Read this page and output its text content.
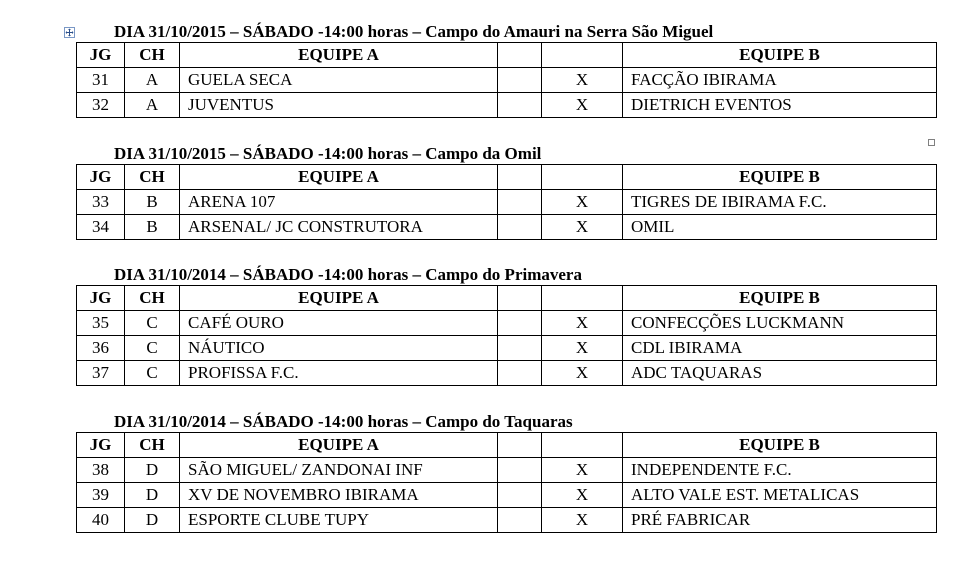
DIA 31/10/2015 – SÁBADO -14:00 horas – Campo do Amauri na Serra São Miguel
JG	CH	EQUIPE A			EQUIPE B
31	A	GUELA SECA		X	FACÇÃO IBIRAMA
32	A	JUVENTUS		X	DIETRICH EVENTOS
DIA 31/10/2015 – SÁBADO -14:00 horas – Campo da Omil
JG	CH	EQUIPE A			EQUIPE B
33	B	ARENA 107		X	TIGRES DE IBIRAMA F.C.
34	B	ARSENAL/ JC CONSTRUTORA		X	OMIL
DIA 31/10/2014 – SÁBADO -14:00 horas – Campo do Primavera
JG	CH	EQUIPE A			EQUIPE B
35	C	CAFÉ OURO		X	CONFECÇÕES LUCKMANN
36	C	NÁUTICO		X	CDL IBIRAMA
37	C	PROFISSA F.C.		X	ADC TAQUARAS
DIA 31/10/2014 – SÁBADO -14:00 horas – Campo do Taquaras
JG	CH	EQUIPE A			EQUIPE B
38	D	SÃO MIGUEL/ ZANDONAI INF		X	INDEPENDENTE F.C.
39	D	XV DE NOVEMBRO IBIRAMA		X	ALTO VALE EST. METALICAS
40	D	ESPORTE CLUBE TUPY		X	PRÉ FABRICAR
